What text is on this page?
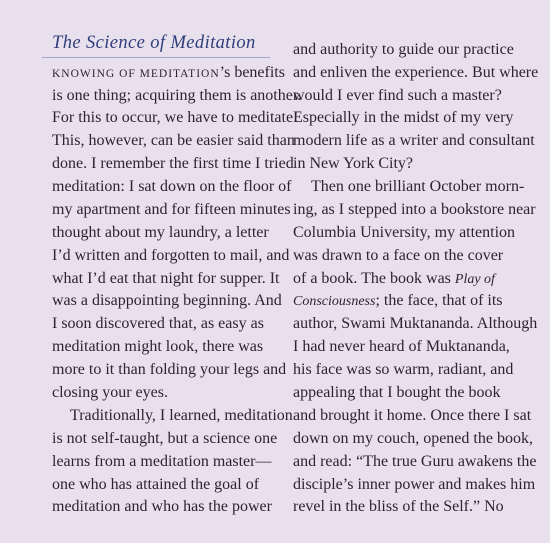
The Science of Meditation
KNOWING OF MEDITATION’s benefits
is one thing; acquiring them is another.
For this to occur, we have to meditate!
This, however, can be easier said than
done. I remember the first time I tried
meditation: I sat down on the floor of
my apartment and for fifteen minutes
thought about my laundry, a letter
I’d written and forgotten to mail, and
what I’d eat that night for supper. It
was a disappointing beginning. And
I soon discovered that, as easy as
meditation might look, there was
more to it than folding your legs and
closing your eyes.
Traditionally, I learned, meditation
is not self-taught, but a science one
learns from a meditation master—
one who has attained the goal of
meditation and who has the power
and authority to guide our practice
and enliven the experience. But where
would I ever find such a master?
Especially in the midst of my very
modern life as a writer and consultant
in New York City?
Then one brilliant October morn-
ing, as I stepped into a bookstore near
Columbia University, my attention
was drawn to a face on the cover
of a book. The book was Play of
Consciousness; the face, that of its
author, Swami Muktananda. Although
I had never heard of Muktananda,
his face was so warm, radiant, and
appealing that I bought the book
and brought it home. Once there I sat
down on my couch, opened the book,
and read: “The true Guru awakens the
disciple’s inner power and makes him
revel in the bliss of the Self.” No
